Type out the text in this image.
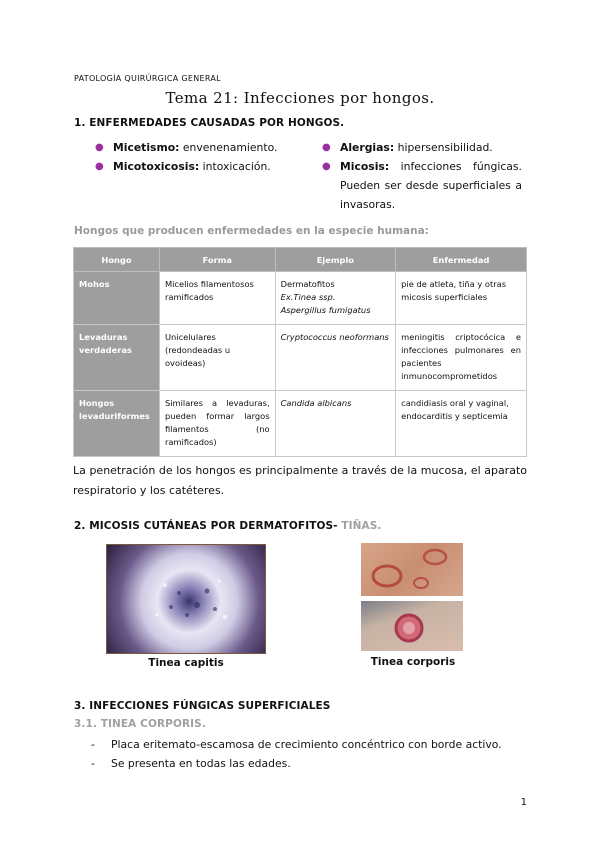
PATOLOGÍA QUIRÚRGICA GENERAL
Tema 21: Infecciones por hongos.
1. ENFERMEDADES CAUSADAS POR HONGOS.
● Micetismo: envenenamiento.
● Micotoxicosis: intoxicación.
● Alergias: hipersensibilidad.
● Micosis: infecciones fúngicas. Pueden ser desde superficiales a invasoras.
Hongos que producen enfermedades en la especie humana:
Hongo	Forma	Ejemplo	Enfermedad
Mohos	Micelios filamentosos ramificados	Dermatofitos
Ex.Tinea ssp.
Aspergillus fumigatus	pie de atleta, tiña y otras micosis superficiales
Levaduras verdaderas	Unicelulares (redondeadas u ovoideas)	Cryptococcus neoformans	meningitis criptocócica e infecciones pulmonares en pacientes inmunocomprometidos
Hongos levaduriformes	Similares a levaduras, pueden formar largos filamentos (no ramificados)	Candida albicans	candidiasis oral y vaginal, endocarditis y septicemia
La penetración de los hongos es principalmente a través de la mucosa, el aparato respiratorio y los catéteres.
2. MICOSIS CUTÁNEAS POR DERMATOFITOS- TIÑAS.
Tinea capitis	Tinea corporis
3. INFECCIONES FÚNGICAS SUPERFICIALES
3.1. TINEA CORPORIS.
- Placa eritemato-escamosa de crecimiento concéntrico con borde activo.
- Se presenta en todas las edades.
1
